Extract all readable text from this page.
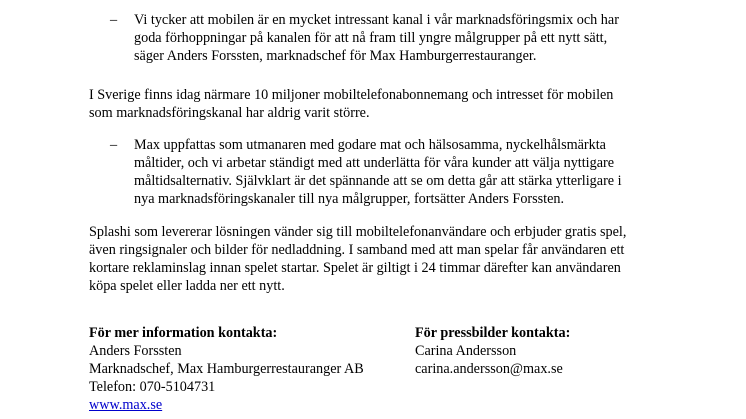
– Vi tycker att mobilen är en mycket intressant kanal i vår marknadsföringsmix och har
goda förhoppningar på kanalen för att nå fram till yngre målgrupper på ett nytt sätt,
säger Anders Forssten, marknadschef för Max Hamburgerrestauranger.
I Sverige finns idag närmare 10 miljoner mobiltelefonabonnemang och intresset för mobilen
som marknadsföringskanal har aldrig varit större.
– Max uppfattas som utmanaren med godare mat och hälsosamma, nyckelhålsmärkta
måltider, och vi arbetar ständigt med att underlätta för våra kunder att välja nyttigare
måltidsalternativ. Självklart är det spännande att se om detta går att stärka ytterligare i
nya marknadsföringskanaler till nya målgrupper, fortsätter Anders Forssten.
Splashi som levererar lösningen vänder sig till mobiltelefonanvändare och erbjuder gratis spel,
även ringsignaler och bilder för nedladdning. I samband med att man spelar får användaren ett
kortare reklaminslag innan spelet startar. Spelet är giltigt i 24 timmar därefter kan användaren
köpa spelet eller ladda ner ett nytt.
För mer information kontakta:
Anders Forssten
Marknadschef, Max Hamburgerrestauranger AB
Telefon: 070-5104731
www.max.se
För pressbilder kontakta:
Carina Andersson
carina.andersson@max.se
